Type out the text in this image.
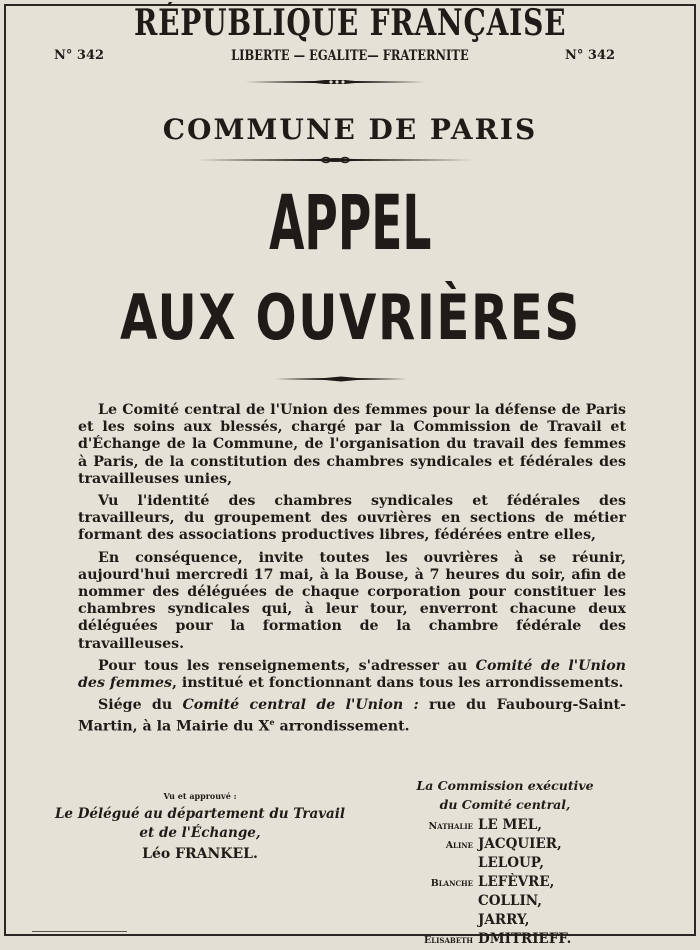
RÉPUBLIQUE FRANÇAISE
N° 342	LIBERTE — EGALITE— FRATERNITE	N° 342
COMMUNE DE PARIS
APPEL
AUX OUVRIÈRES

Le Comité central de l'Union des femmes pour la défense de Paris et les soins aux blessés, chargé par la Commission de Travail et d'Échange de la Commune, de l'organisation du travail des femmes à Paris, de la constitution des chambres syndicales et fédérales des travailleuses unies,

Vu l'identité des chambres syndicales et fédérales des travailleurs, du groupement des ouvrières en sections de métier formant des associations productives libres, fédérées entre elles,

En conséquence, invite toutes les ouvrières à se réunir, aujourd'hui mercredi 17 mai, à la Bouse, à 7 heures du soir, afin de nommer des déléguées de chaque corporation pour constituer les chambres syndicales qui, à leur tour, enverront chacune deux déléguées pour la formation de la chambre fédérale des travailleuses.

Pour tous les renseignements, s'adresser au Comité de l'Union des femmes, institué et fonctionnant dans tous les arrondissements.

Siége du Comité central de l'Union : rue du Faubourg-Saint-Martin, à la Mairie du Xe arrondissement.

Vu et approuvé :
Le Délégué au département du Travail
et de l'Échange,
Léo FRANKEL.
La Commission exécutive
du Comité central,
Nathalie LE MEL,
Aline JACQUIER,
LELOUP,
Blanche LEFÈVRE,
COLLIN,
JARRY,
Elisabeth DMITRIEFF.
